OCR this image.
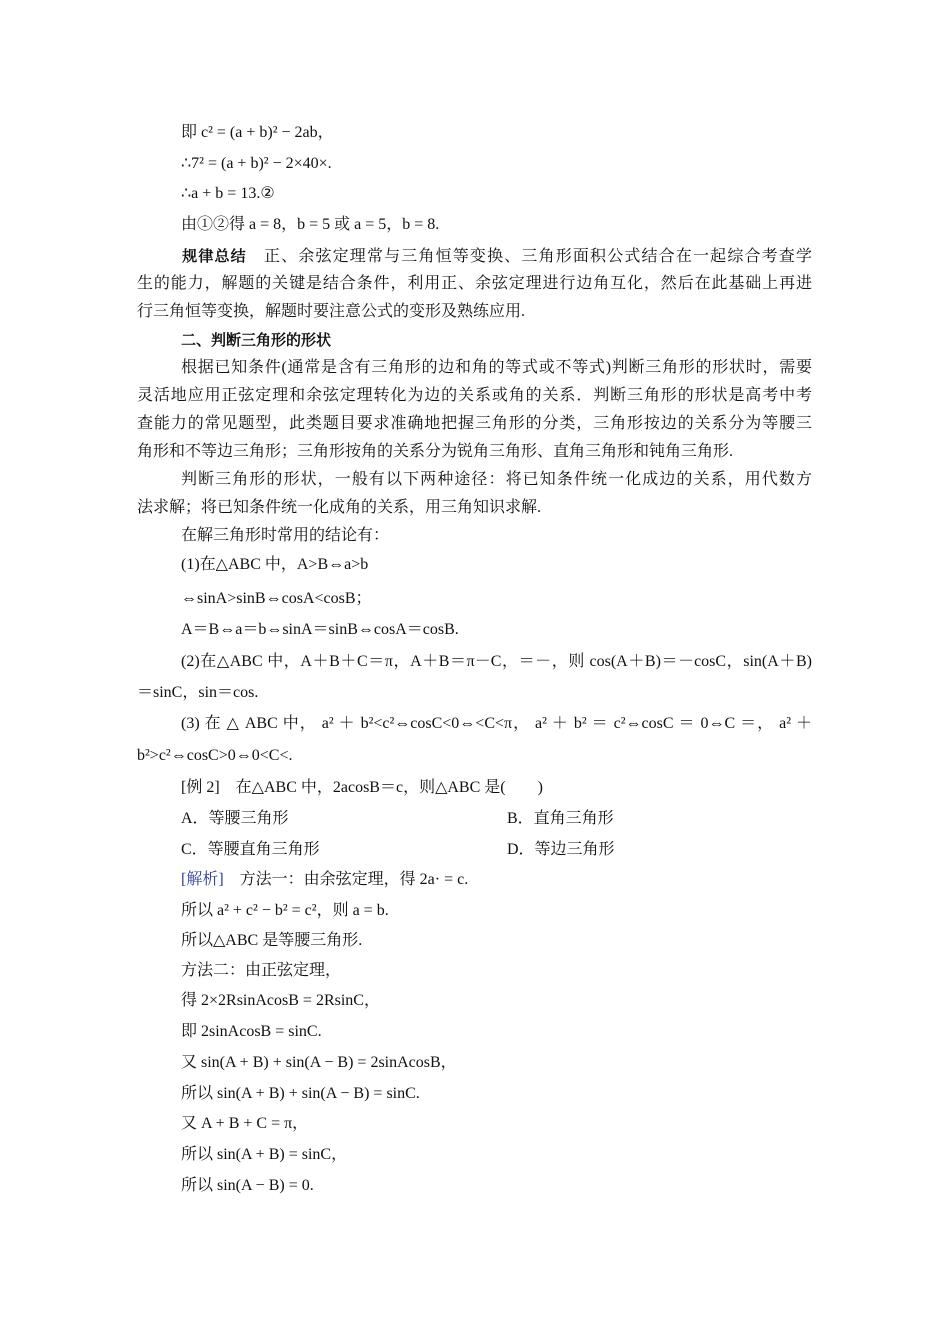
即 c² = (a + b)² − 2ab，
∴7² = (a + b)² − 2×40×.
∴a + b = 13.②
由①②得 a = 8，b = 5 或 a = 5，b = 8.
规律总结　 正、余弦定理常与三角恒等变换、三角形面积公式结合在一起综合考查学
生的能力，解题的关键是结合条件，利用正、余弦定理进行边角互化，然后在此基础上再进
行三角恒等变换，解题时要注意公式的变形及熟练应用.
二、判断三角形的形状
根据已知条件(通常是含有三角形的边和角的等式或不等式)判断三角形的形状时，需要
灵活地应用正弦定理和余弦定理转化为边的关系或角的关系．判断三角形的形状是高考中考
查能力的常见题型，此类题目要求准确地把握三角形的分类，三角形按边的关系分为等腰三
角形和不等边三角形；三角形按角的关系分为锐角三角形、直角三角形和钝角三角形.
判断三角形的形状，一般有以下两种途径：将已知条件统一化成边的关系，用代数方
法求解；将已知条件统一化成角的关系，用三角知识求解.
在解三角形时常用的结论有：
(1)在△ABC 中，A>B⇔a>b
⇔sinA>sinB⇔cosA<cosB；
A＝B⇔a＝b⇔sinA＝sinB⇔cosA＝cosB.
(2)在△ABC 中，A＋B＋C＝π，A＋B＝π－C，＝－，则 cos(A＋B)＝－cosC，sin(A＋B)
＝sinC，sin＝cos.
(3) 在 △ ABC 中， a² ＋ b²<c²⇔cosC<0⇔<C<π， a² ＋ b² ＝ c²⇔cosC ＝ 0⇔C ＝， a² ＋
b²>c²⇔cosC>0⇔0<C<.
[例 2]　在△ABC 中，2acosB＝c，则△ABC 是(　　)
A．等腰三角形	B．直角三角形
C．等腰直角三角形	D．等边三角形
[解析]　方法一：由余弦定理，得 2a· = c.
所以 a² + c² − b² = c²，则 a = b.
所以△ABC 是等腰三角形.
方法二：由正弦定理，
得 2×2RsinAcosB = 2RsinC，
即 2sinAcosB = sinC.
又 sin(A + B) + sin(A − B) = 2sinAcosB，
所以 sin(A + B) + sin(A − B) = sinC.
又 A + B + C = π，
所以 sin(A + B) = sinC，
所以 sin(A − B) = 0.
